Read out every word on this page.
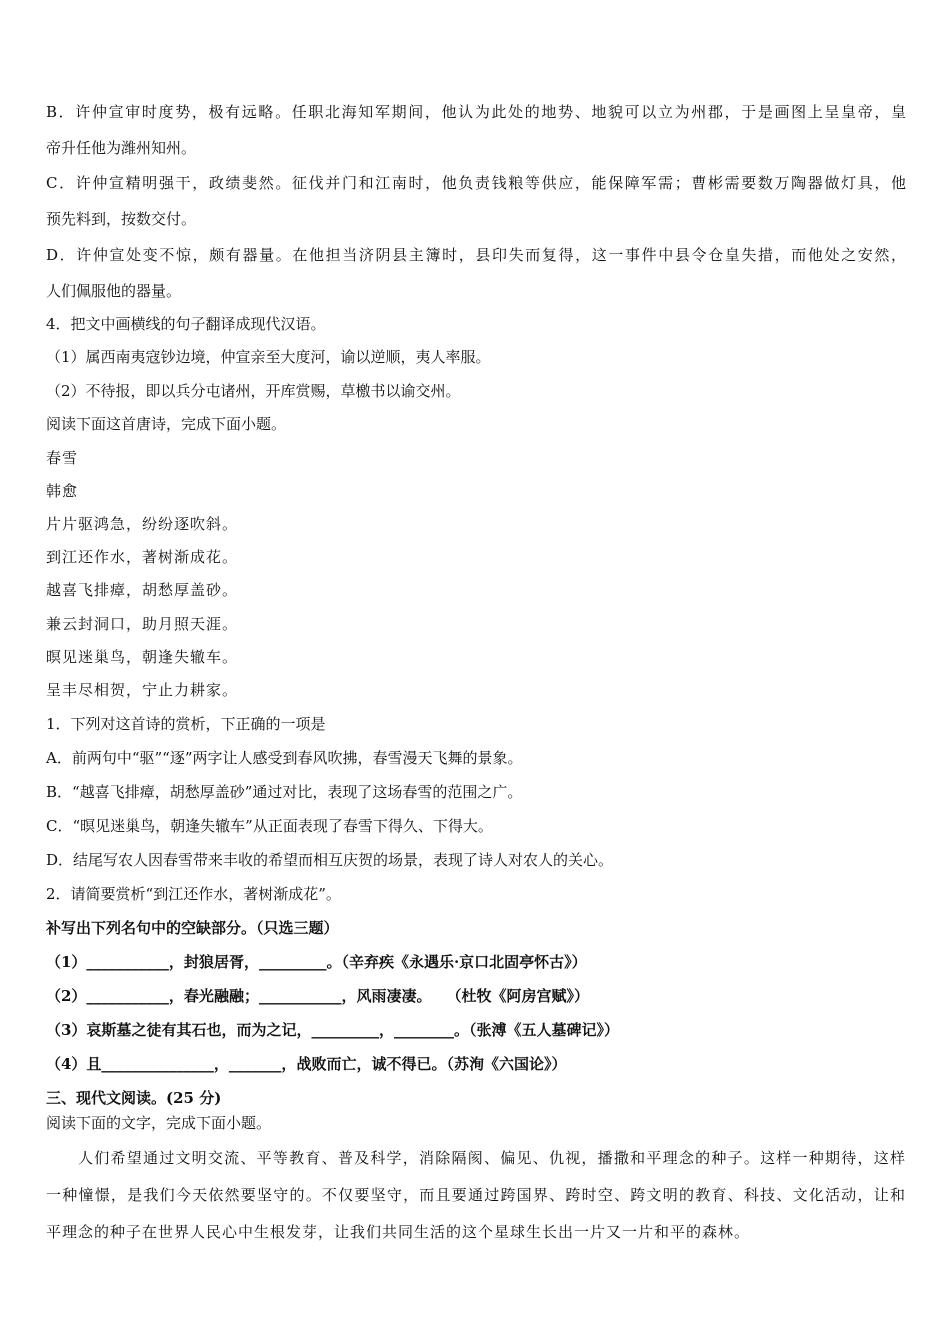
B．许仲宣审时度势，极有远略。任职北海知军期间，他认为此处的地势、地貌可以立为州郡，于是画图上呈皇帝，皇
帝升任他为潍州知州。
C．许仲宣精明强干，政绩斐然。征伐并门和江南时，他负责钱粮等供应，能保障军需；曹彬需要数万陶器做灯具，他
预先料到，按数交付。
D．许仲宣处变不惊，颇有器量。在他担当济阴县主簿时，县印失而复得，这一事件中县令仓皇失措，而他处之安然，
人们佩服他的器量。
4．把文中画横线的句子翻译成现代汉语。
（1）属西南夷寇钞边境，仲宣亲至大度河，谕以逆顺，夷人率服。
（2）不待报，即以兵分屯诸州，开库赏赐，草檄书以谕交州。
阅读下面这首唐诗，完成下面小题。
春雪
韩愈
片片驱鸿急，纷纷逐吹斜。
到江还作水，著树渐成花。
越喜飞排瘴，胡愁厚盖砂。
兼云封洞口，助月照天涯。
暝见迷巢鸟，朝逢失辙车。
呈丰尽相贺，宁止力耕家。
1．下列对这首诗的赏析，下正确的一项是
A．前两句中“驱”“逐”两字让人感受到春风吹拂，春雪漫天飞舞的景象。
B．“越喜飞排瘴，胡愁厚盖砂”通过对比，表现了这场春雪的范围之广。
C．“暝见迷巢鸟，朝逢失辙车”从正面表现了春雪下得久、下得大。
D．结尾写农人因春雪带来丰收的希望而相互庆贺的场景，表现了诗人对农人的关心。
2．请简要赏析“到江还作水，著树渐成花”。
补写出下列名句中的空缺部分。（只选三题）
（1）___________，封狼居胥，_________。（辛弃疾《永遇乐·京口北固亭怀古》）
（2）___________，春光融融；___________，风雨凄凄。　　（杜牧《阿房宫赋》）
（3）哀斯墓之徒有其石也，而为之记，_________，________。（张溥《五人墓碑记》）
（4）且_______________，_______，战败而亡，诚不得已。（苏洵《六国论》）
三、现代文阅读。(25 分)
阅读下面的文字，完成下面小题。
人们希望通过文明交流、平等教育、普及科学，消除隔阂、偏见、仇视，播撒和平理念的种子。这样一种期待，这样
一种憧憬，是我们今天依然要坚守的。不仅要坚守，而且要通过跨国界、跨时空、跨文明的教育、科技、文化活动，让和
平理念的种子在世界人民心中生根发芽，让我们共同生活的这个星球生长出一片又一片和平的森林。
